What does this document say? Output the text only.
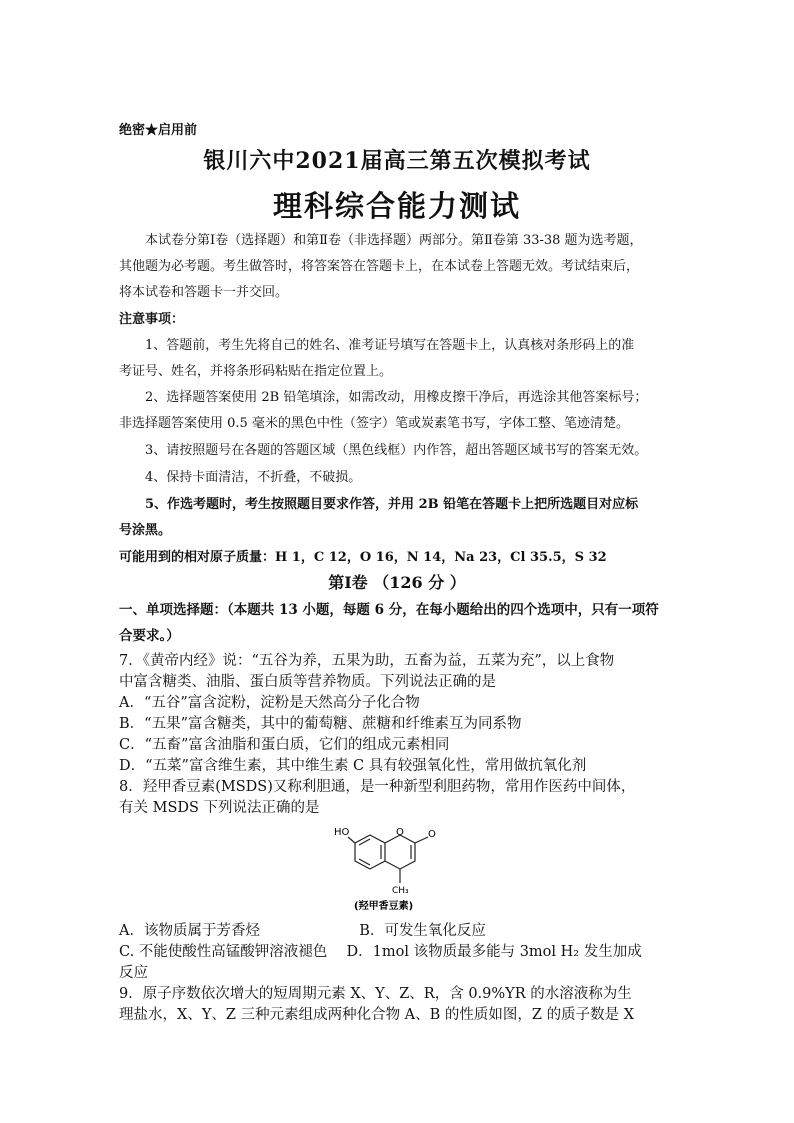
绝密★启用前
银川六中2021届高三第五次模拟考试
理科综合能力测试
本试卷分第Ⅰ卷（选择题）和第Ⅱ卷（非选择题）两部分。第Ⅱ卷第 33-38 题为选考题，
其他题为必考题。考生做答时，将答案答在答题卡上，在本试卷上答题无效。考试结束后，
将本试卷和答题卡一并交回。
注意事项：
1、答题前，考生先将自己的姓名、准考证号填写在答题卡上，认真核对条形码上的准
考证号、姓名，并将条形码粘贴在指定位置上。
2、选择题答案使用 2B 铅笔填涂，如需改动，用橡皮擦干净后，再选涂其他答案标号；
非选择题答案使用 0.5 毫米的黑色中性（签字）笔或炭素笔书写，字体工整、笔迹清楚。
3、请按照题号在各题的答题区域（黑色线框）内作答，超出答题区域书写的答案无效。
4、保持卡面清洁，不折叠，不破损。
5、作选考题时，考生按照题目要求作答，并用 2B 铅笔在答题卡上把所选题目对应标
号涂黑。
可能用到的相对原子质量：H 1，C 12，O 16，N 14，Na 23，Cl 35.5，S 32
第Ⅰ卷 （126 分 ）
一、单项选择题：（本题共 13 小题，每题 6 分，在每小题给出的四个选项中，只有一项符
合要求。）
7．《黄帝内经》说：“五谷为养，五果为助，五畜为益，五菜为充”，以上食物
中富含糖类、油脂、蛋白质等营养物质。下列说法正确的是
A．“五谷”富含淀粉，淀粉是天然高分子化合物
B．“五果”富含糖类，其中的葡萄糖、蔗糖和纤维素互为同系物
C．“五畜”富含油脂和蛋白质，它们的组成元素相同
D．“五菜”富含维生素，其中维生素 C 具有较强氧化性，常用做抗氧化剂
8．羟甲香豆素(MSDS)又称利胆通，是一种新型利胆药物，常用作医药中间体，
有关 MSDS 下列说法正确的是
HO	O O
CH₃
(羟甲香豆素)
A．该物质属于芳香烃	B．可发生氧化反应
C. 不能使酸性高锰酸钾溶液褪色 D．1mol 该物质最多能与 3mol H₂ 发生加成
反应
9．原子序数依次增大的短周期元素 X、Y、Z、R，含 0.9%YR 的水溶液称为生
理盐水，X、Y、Z 三种元素组成两种化合物 A、B 的性质如图，Z 的质子数是 X
